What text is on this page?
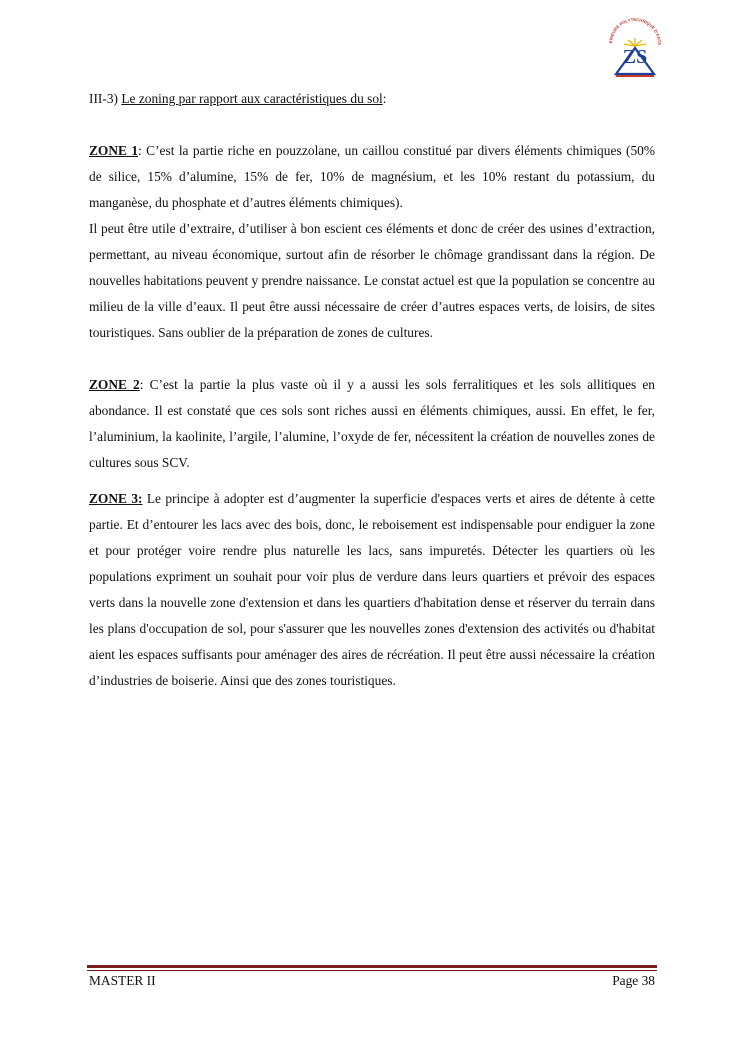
ERIEURE POLYTECHNIQUE D'ANTA
ZS
III-3) Le zoning par rapport aux caractéristiques du sol:

ZONE 1: C’est la partie riche en pouzzolane, un caillou constitué par divers éléments chimiques (50% de silice, 15% d’alumine, 15% de fer, 10% de magnésium, et les 10% restant du potassium, du manganèse, du phosphate et d’autres éléments chimiques).

Il peut être utile d’extraire, d’utiliser à bon escient ces éléments et donc de créer des usines d’extraction, permettant, au niveau économique, surtout afin de résorber le chômage grandissant dans la région. De nouvelles habitations peuvent y prendre naissance. Le constat actuel est que la population se concentre au milieu de la ville d’eaux. Il peut être aussi nécessaire de créer d’autres espaces verts, de loisirs, de sites touristiques. Sans oublier de la préparation de zones de cultures.

ZONE 2: C’est la partie la plus vaste où il y a aussi les sols ferralitiques et les sols allitiques en abondance. Il est constaté que ces sols sont riches aussi en éléments chimiques, aussi. En effet, le fer, l’aluminium, la kaolinite, l’argile, l’alumine, l’oxyde de fer, nécessitent la création de nouvelles zones de cultures sous SCV.

ZONE 3: Le principe à adopter est d’augmenter la superficie d'espaces verts et aires de détente à cette partie. Et d’entourer les lacs avec des bois, donc, le reboisement est indispensable pour endiguer la zone et pour protéger voire rendre plus naturelle les lacs, sans impuretés. Détecter les quartiers où les populations expriment un souhait pour voir plus de verdure dans leurs quartiers et prévoir des espaces verts dans la nouvelle zone d'extension et dans les quartiers d'habitation dense et réserver du terrain dans les plans d'occupation de sol, pour s'assurer que les nouvelles zones d'extension des activités ou d'habitat aient les espaces suffisants pour aménager des aires de récréation. Il peut être aussi nécessaire la création d’industries de boiserie. Ainsi que des zones touristiques.

MASTER II	Page 38
